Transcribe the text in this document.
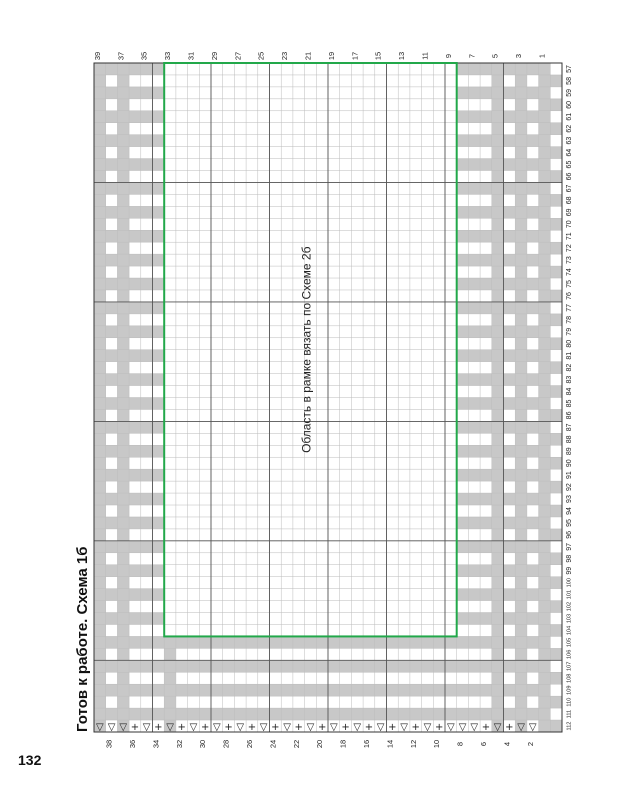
132
Готов к работе. Схема 1б ▽ ▽ ▽ + ▽ + ▽ + ▽ + ▽ + ▽ + ▽ + ▽ + ▽ + ▽ + ▽ + ▽ + ▽ + ▽ + ▽ ▽ ▽ + ▽ + ▽ ▽
Область в рамке вязать по Схеме 2б
38 36 34 32 30 28 26 24 22 20 18 16 14 12 10 8 6 4 2
39 37 35 33 31 29 27 25 23 21 19 17 15 13 11 9 7 5 3 1
112
111
110
109
108
107
106
105
104
103
102
101
100
99
98
97
96
95
94
93
92
91
90
89
88
87
86
85
84
83
82
81
80
79
78
77
76
75
74
73
72
71
70
69
68
67
66
65
64
63
62
61
60
59
58
57
